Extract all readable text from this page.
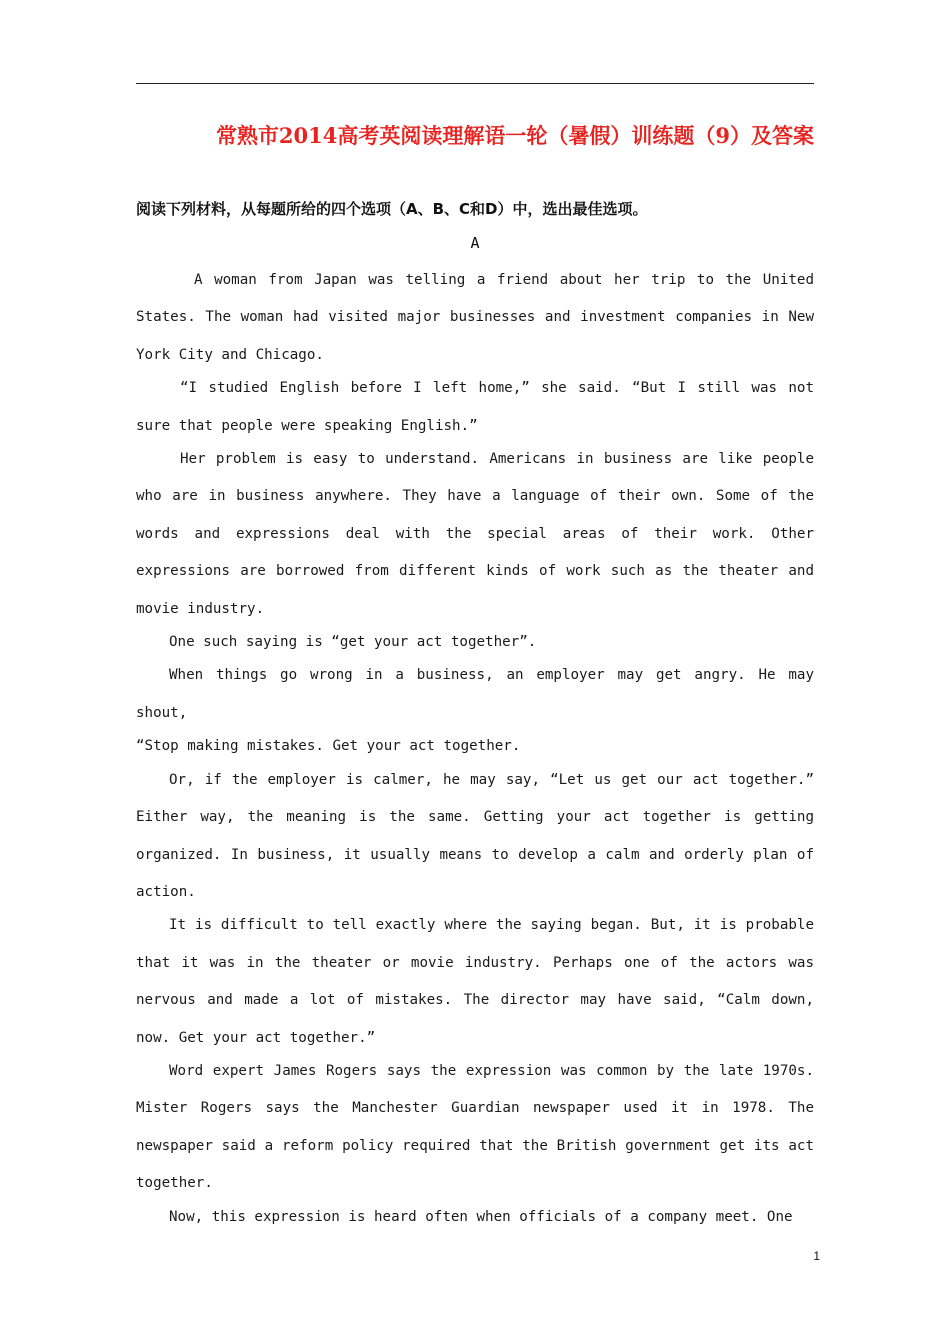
常熟市2014高考英阅读理解语一轮（暑假）训练题（9）及答案
阅读下列材料，从每题所给的四个选项（A、B、C和D）中，选出最佳选项。
A

A woman from Japan was telling a friend about her trip to the United States. The woman had visited major businesses and investment companies in New York City and Chicago.

“I studied English before I left home,” she said. “But I still was not sure that people were speaking English.”

Her problem is easy to understand. Americans in business are like people who are in business anywhere. They have a language of their own. Some of the words and expressions deal with the special areas of their work. Other expressions are borrowed from different kinds of work such as the theater and movie industry.

One such saying is “get your act together”.

When things go wrong in a business, an employer may get angry. He may shout,

“Stop making mistakes. Get your act together.

Or, if the employer is calmer, he may say, “Let us get our act together.” Either way, the meaning is the same. Getting your act together is getting organized. In business, it usually means to develop a calm and orderly plan of action.

It is difficult to tell exactly where the saying began. But, it is probable that it was in the theater or movie industry. Perhaps one of the actors was nervous and made a lot of mistakes. The director may have said, “Calm down, now. Get your act together.”

Word expert James Rogers says the expression was common by the late 1970s. Mister Rogers says the Manchester Guardian newspaper used it in 1978. The newspaper said a reform policy required that the British government get its act together.

Now, this expression is heard often when officials of a company meet. One

1
